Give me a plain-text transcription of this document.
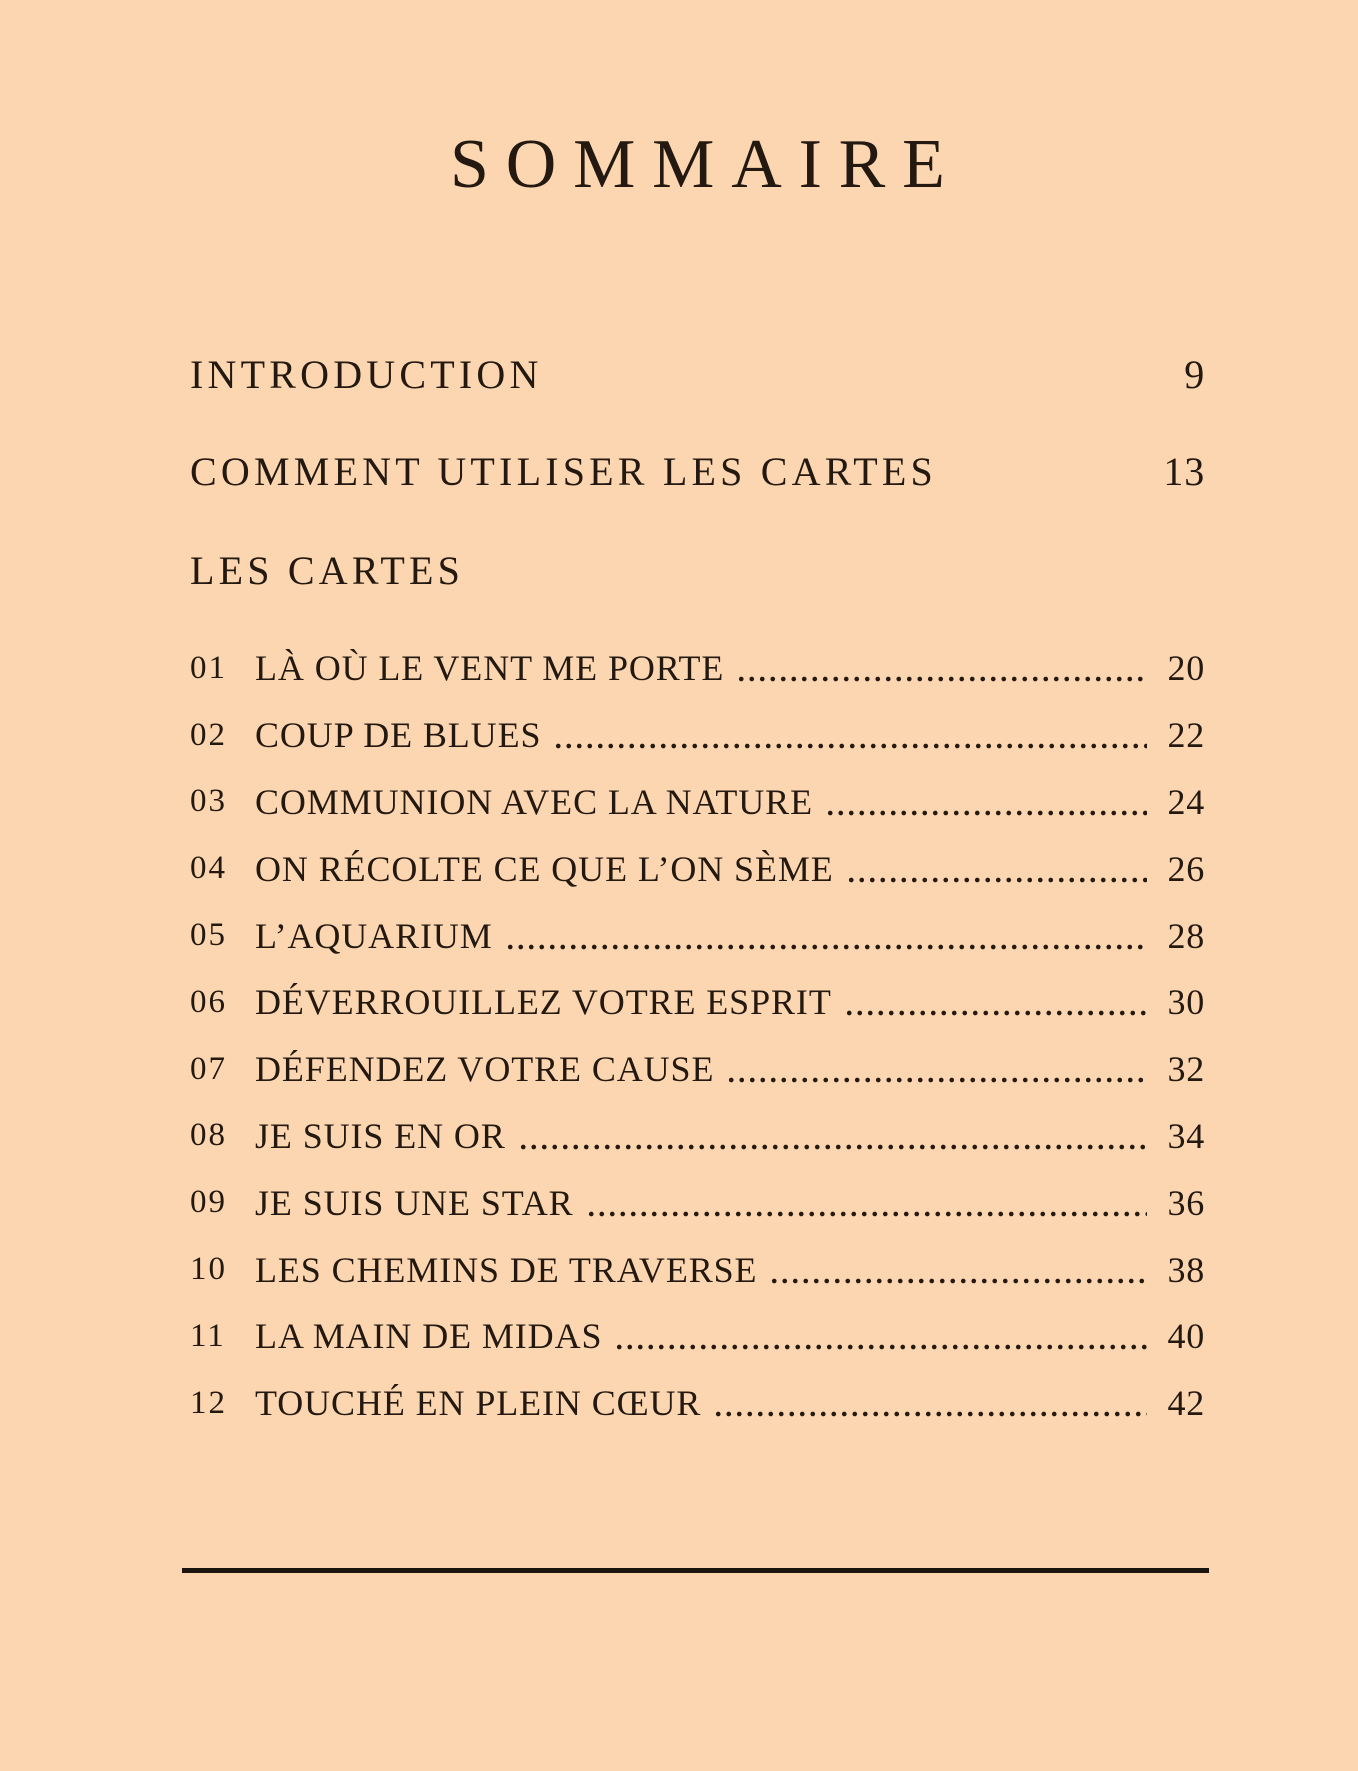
SOMMAIRE
INTRODUCTION	9
COMMENT UTILISER LES CARTES	13
LES CARTES
01 LÀ OÙ LE VENT ME PORTE	20
02 COUP DE BLUES	22
03 COMMUNION AVEC LA NATURE	24
04 ON RÉCOLTE CE QUE L’ON SÈME	26
05 L’AQUARIUM	28
06 DÉVERROUILLEZ VOTRE ESPRIT	30
07 DÉFENDEZ VOTRE CAUSE	32
08 JE SUIS EN OR	34
09 JE SUIS UNE STAR	36
10 LES CHEMINS DE TRAVERSE	38
11 LA MAIN DE MIDAS	40
12 TOUCHÉ EN PLEIN CŒUR	42
